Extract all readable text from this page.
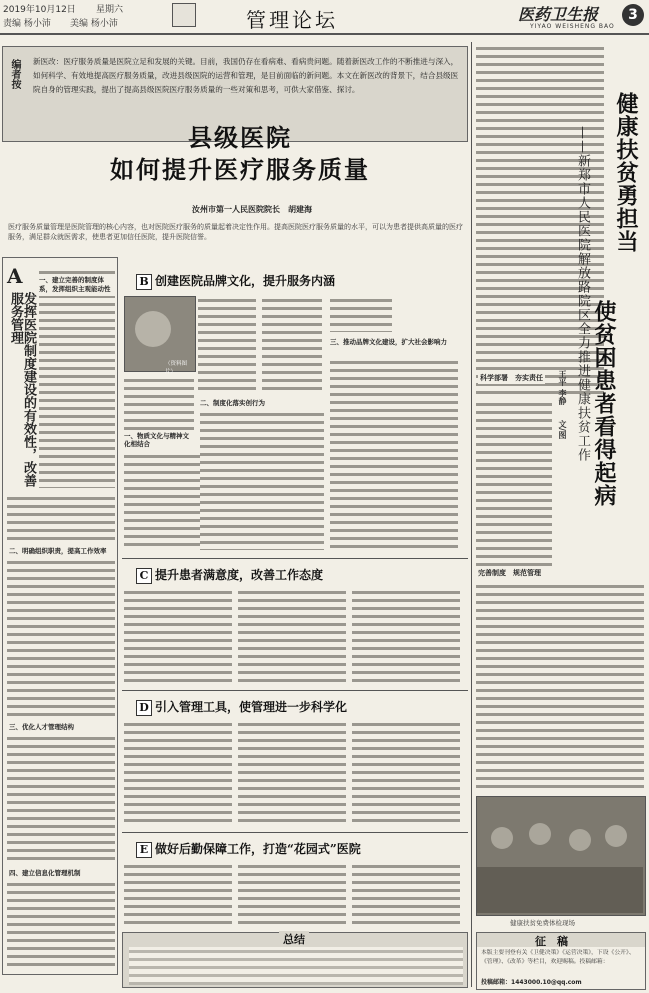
2019年10月12日 星期六
责编 杨小沛 美编 杨小沛	管理论坛	医药卫生报
YIYAO WEISHENG BAO
3
编者按
新医改：医疗服务质量是医院立足和发展的关键。目前，我国仍存在看病难、看病贵问题。随着新医改工作的不断推进与深入，如何科学、有效地提高医疗服务质量，改进县级医院的运营和管理，是目前面临的新问题。本文在新医改的背景下，结合县级医院自身的管理实践，提出了提高县级医院医疗服务质量的一些对策和思考，可供大家借鉴、探讨。
县级医院
如何提升医疗服务质量
汝州市第一人民医院院长　胡建海
医疗服务质量管理是医院管理的核心内容，也对医院医疗服务的质量起着决定性作用。提高医院医疗服务质量的水平，可以为患者提供高质量的医疗服务，满足群众就医需求，使患者更加信任医院，提升医院信誉。
A
发挥医院制度建设的有效性，改善服务管理
一、建立完善的制度体系，发挥组织主观能动性
二、明确组织职责，提高工作效率
三、优化人才管理结构
四、建立信息化管理机制
B 创建医院品牌文化，提升服务内涵
（资料图片）
一、物质文化与精神文化相结合
二、制度化落实创行为
三、推动品牌文化建设，扩大社会影响力
C 提升患者满意度，改善工作态度
D 引入管理工具，使管理进一步科学化
E 做好后勤保障工作，打造“花园式”医院
总结
健康扶贫勇担当
——新郑市人民医院解放路院区全力推进健康扶贫工作 使贫困患者看得起病
王平 李静
文/图
科学部署　夯实责任
完善制度　规范管理
健康扶贫免费体检现场
征　稿
本版主要刊登有关《卫健决策》《运营决策》，下设《公开》、《管理》、《改革》等栏目，欢迎赐稿。投稿邮箱：
投稿邮箱：1443000.10@qq.com
